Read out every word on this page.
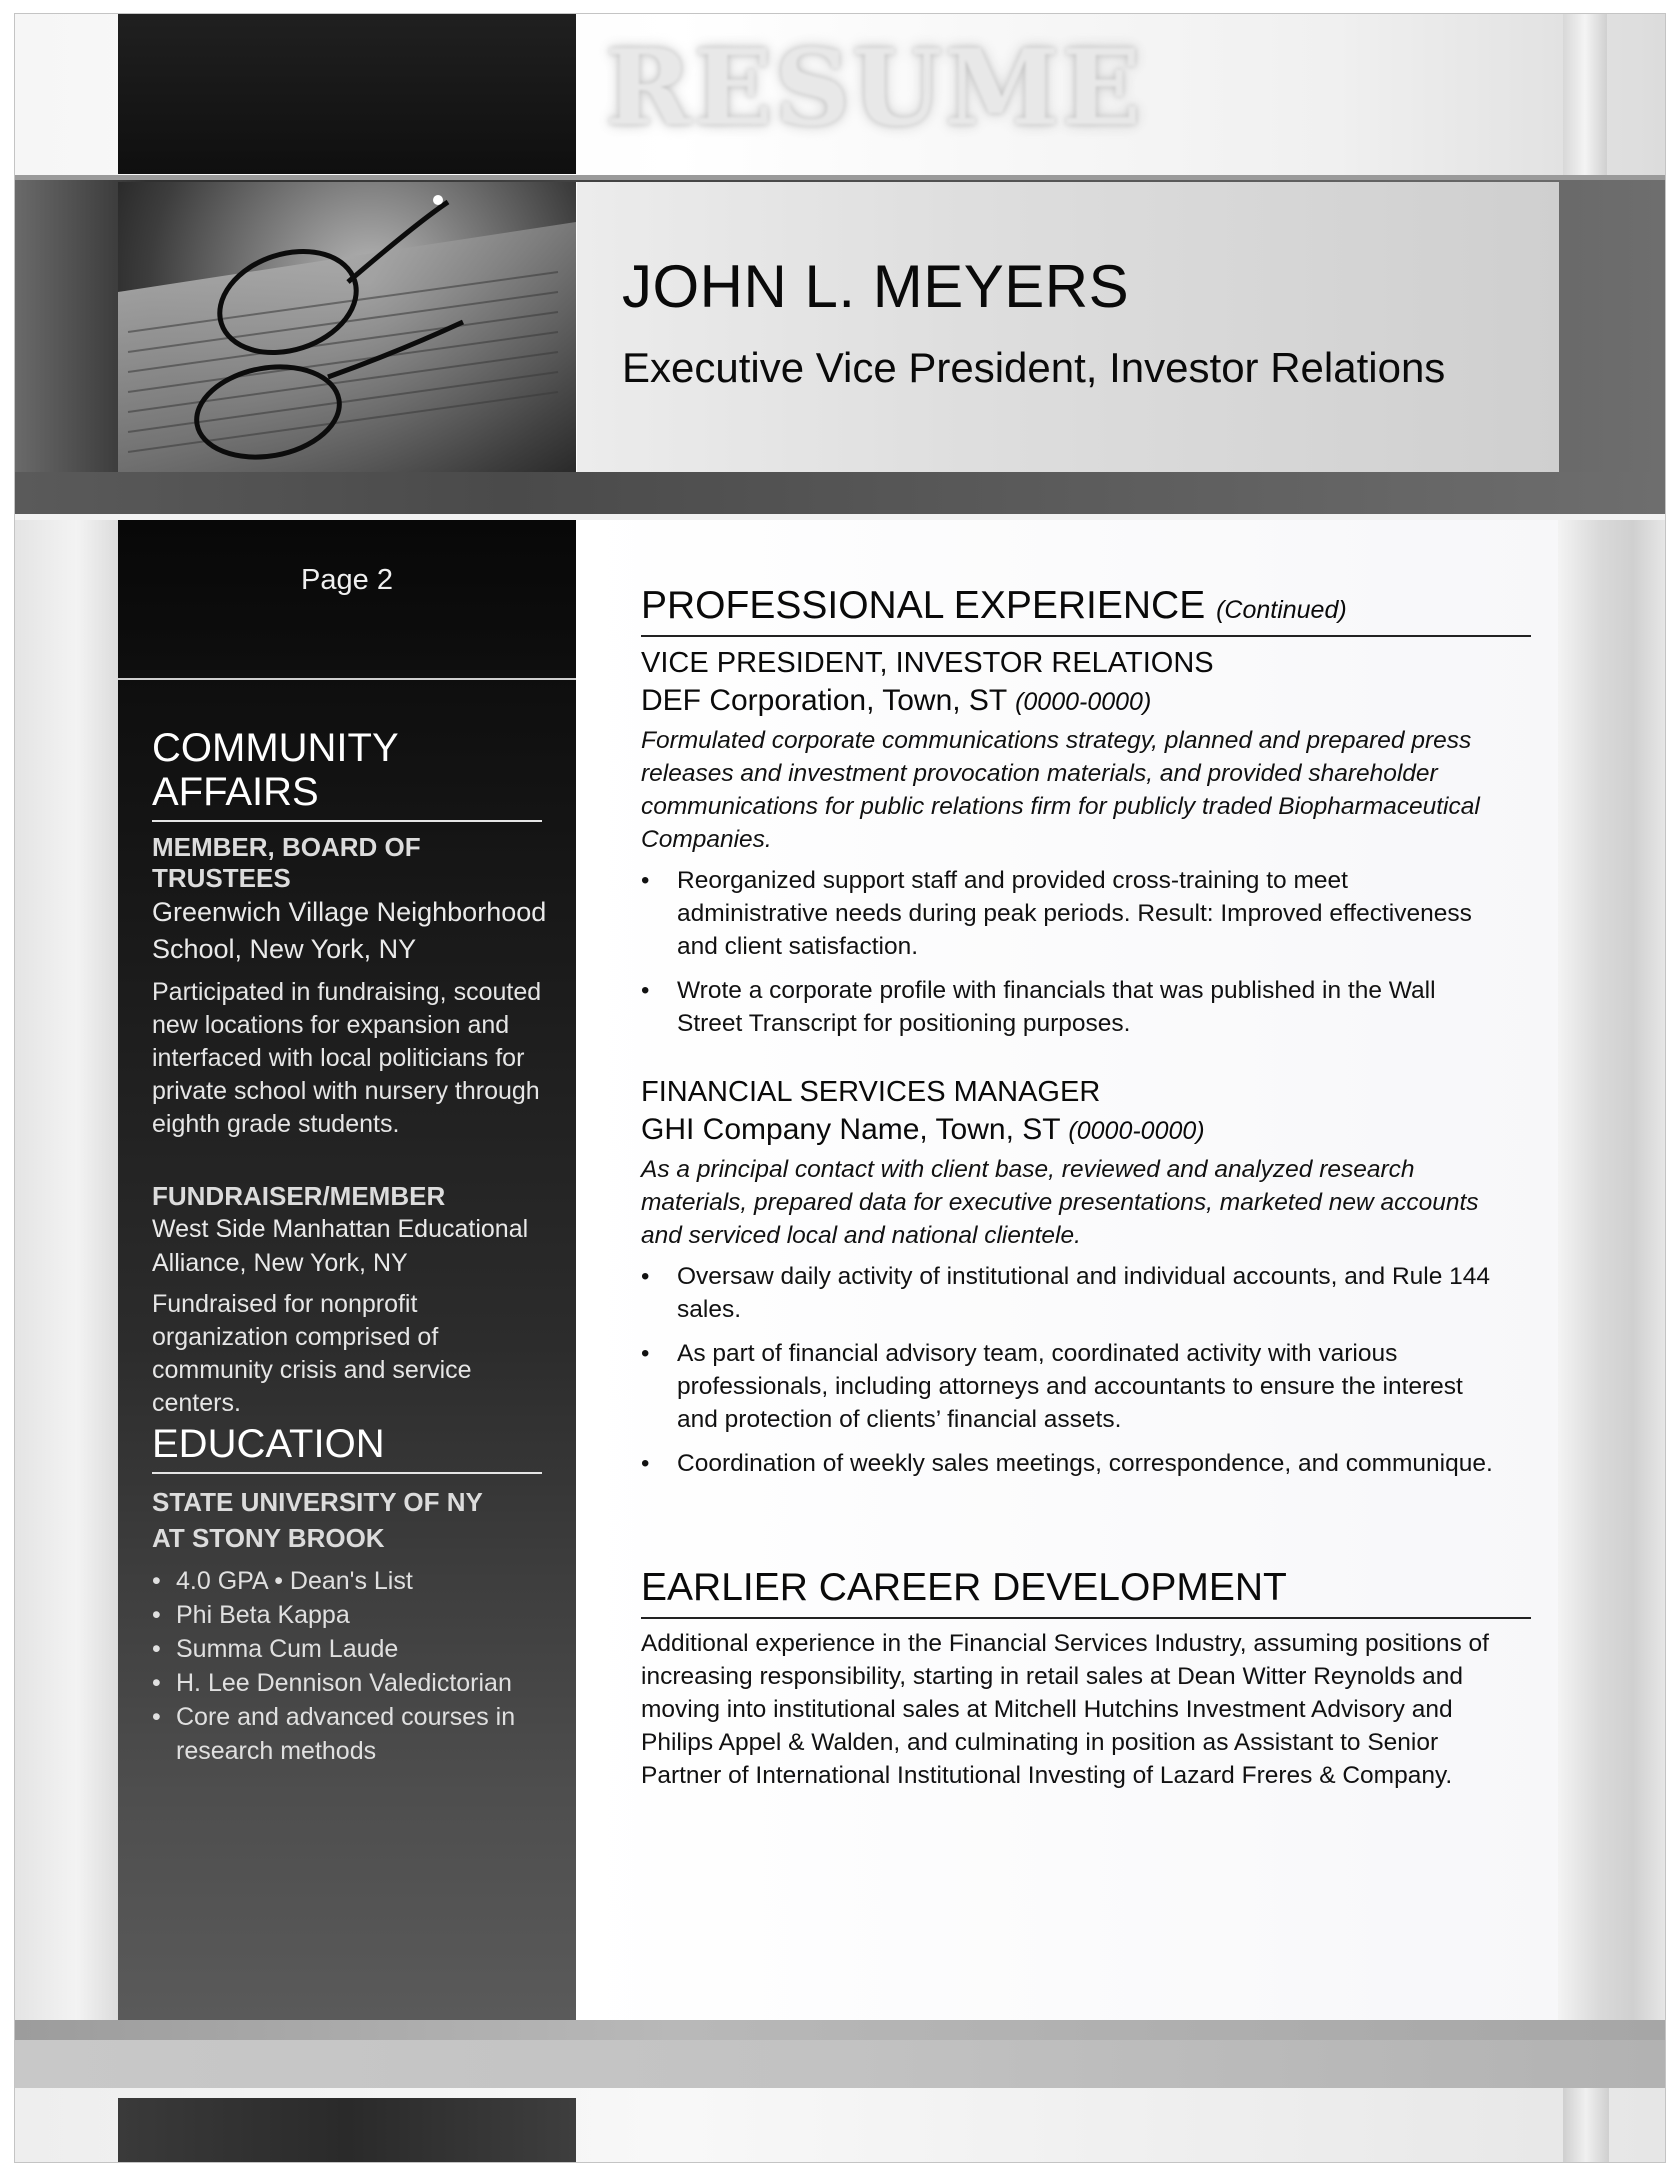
RESUME
JOHN L. MEYERS
Executive Vice President, Investor Relations
Page 2
COMMUNITY AFFAIRS
MEMBER, BOARD OF TRUSTEES
Greenwich Village Neighborhood
School, New York, NY
Participated in fundraising, scouted
new locations for expansion and
interfaced with local politicians for
private school with nursery through
eighth grade students.
FUNDRAISER/MEMBER
West Side Manhattan Educational
Alliance, New York, NY
Fundraised for nonprofit
organization comprised of
community crisis and service
centers.
EDUCATION
STATE UNIVERSITY OF NY
AT STONY BROOK
• 4.0 GPA • Dean's List
• Phi Beta Kappa
• Summa Cum Laude
• H. Lee Dennison Valedictorian
• Core and advanced courses in research methods
PROFESSIONAL EXPERIENCE (Continued)
VICE PRESIDENT, INVESTOR RELATIONS
DEF Corporation, Town, ST (0000-0000)
Formulated corporate communications strategy, planned and prepared press
releases and investment provocation materials, and provided shareholder
communications for public relations firm for publicly traded Biopharmaceutical
Companies.
• Reorganized support staff and provided cross-training to meet
administrative needs during peak periods. Result: Improved effectiveness
and client satisfaction.
• Wrote a corporate profile with financials that was published in the Wall
Street Transcript for positioning purposes.
FINANCIAL SERVICES MANAGER
GHI Company Name, Town, ST (0000-0000)
As a principal contact with client base, reviewed and analyzed research
materials, prepared data for executive presentations, marketed new accounts
and serviced local and national clientele.
• Oversaw daily activity of institutional and individual accounts, and Rule 144
sales.
• As part of financial advisory team, coordinated activity with various
professionals, including attorneys and accountants to ensure the interest
and protection of clients’ financial assets.
• Coordination of weekly sales meetings, correspondence, and communique.
EARLIER CAREER DEVELOPMENT
Additional experience in the Financial Services Industry, assuming positions of
increasing responsibility, starting in retail sales at Dean Witter Reynolds and
moving into institutional sales at Mitchell Hutchins Investment Advisory and
Philips Appel & Walden, and culminating in position as Assistant to Senior
Partner of International Institutional Investing of Lazard Freres & Company.
